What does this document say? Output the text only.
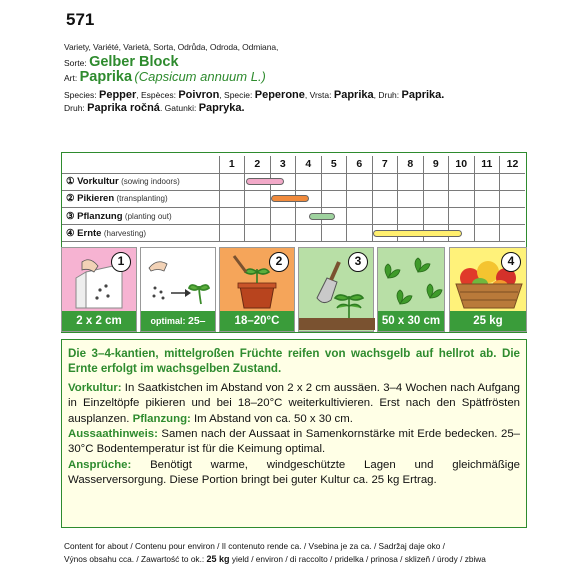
571
Variety, Variété, Varietà, Sorta, Odrůda, Odroda, Odmiana,
Sorte: Gelber Block
Art: Paprika (Capsicum annuum L.)
Species: Pepper, Espèces: Poivron, Specie: Peperone, Vrsta: Paprika, Druh: Paprika.
Druh: Paprika ročná. Gatunki: Papryka.
	1	2	3	4	5	6	7	8	9	10	11	12
① Vorkultur (sowing indoors)												
② Pikieren (transplanting)												
③ Pflanzung (planting out)												
④ Ernte (harvesting)												
1
2 x 2 cm	optimal: 25–
2
18–20°C
3
50 x 30 cm
4
25 kg

Die 3–4-kantien, mittelgroßen Früchte reifen von wachsgelb auf hellrot ab. Die Ernte erfolgt im wachsgelben Zustand.

Vorkultur: In Saatkistchen im Abstand von 2 x 2 cm aussäen. 3–4 Wochen nach Aufgang in Einzeltöpfe pikieren und bei 18–20°C weiterkultivieren. Erst nach den Spätfrösten ausplanzen. Pflanzung: Im Abstand von ca. 50 x 30 cm.

Aussaathinweis: Samen nach der Aussaat in Samenkornstärke mit Erde bedecken. 25–30°C Bodentemperatur ist für die Keimung optimal.

Ansprüche: Benötigt warme, windgeschützte Lagen und gleichmäßige Wasserversorgung. Diese Portion bringt bei guter Kultur ca. 25 kg Ertrag.

Content for about / Contenu pour environ / Il contenuto rende ca. / Vsebina je za ca. / Sadržaj daje oko /
Výnos obsahu cca. / Zawartość to ok.: 25 kg yield / environ / di raccolto / pridelka / prinosa / sklizeň / úrody / zbiwa
